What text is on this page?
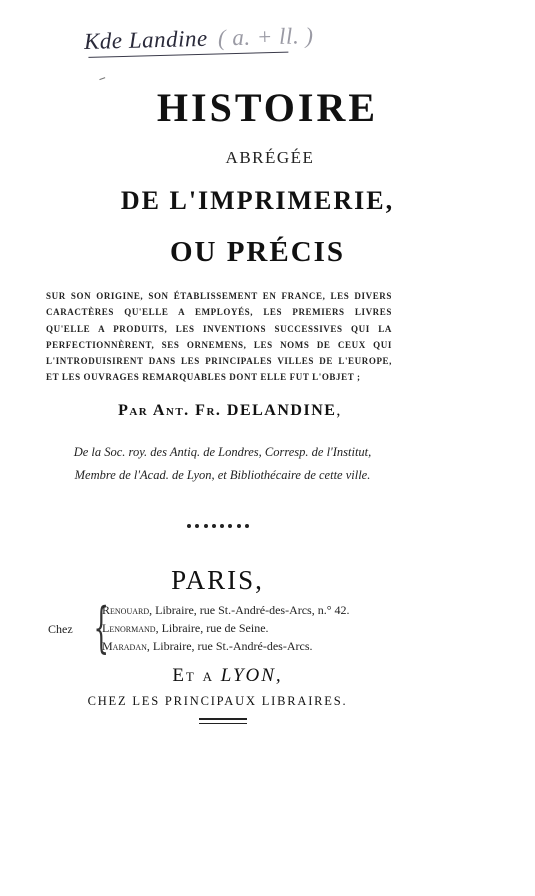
Kde Landine ( a. + ll. )
HISTOIRE
ABRÉGÉE
DE L'IMPRIMERIE,
OU PRÉCIS
SUR SON ORIGINE, SON ÉTABLISSEMENT EN FRANCE, LES DIVERS CARACTÈRES QU'ELLE A EMPLOYÉS, LES PREMIERS LIVRES QU'ELLE A PRODUITS, LES INVENTIONS SUCCESSIVES QUI LA PERFECTIONNÈRENT, SES ORNEMENS, LES NOMS DE CEUX QUI L'INTRODUISIRENT DANS LES PRINCIPALES VILLES DE L'EUROPE, ET LES OUVRAGES REMARQUABLES DONT ELLE FUT L'OBJET ;
Par Ant. Fr. DELANDINE,
De la Soc. roy. des Antiq. de Londres, Corresp. de l'Institut,
Membre de l'Acad. de Lyon, et Bibliothécaire de cette ville.
PARIS,
Chez {
Renouard, Libraire, rue St.-André-des-Arcs, n.° 42.
Lenormand, Libraire, rue de Seine.
Maradan, Libraire, rue St.-André-des-Arcs.
Et a LYON,
CHEZ LES PRINCIPAUX LIBRAIRES.
